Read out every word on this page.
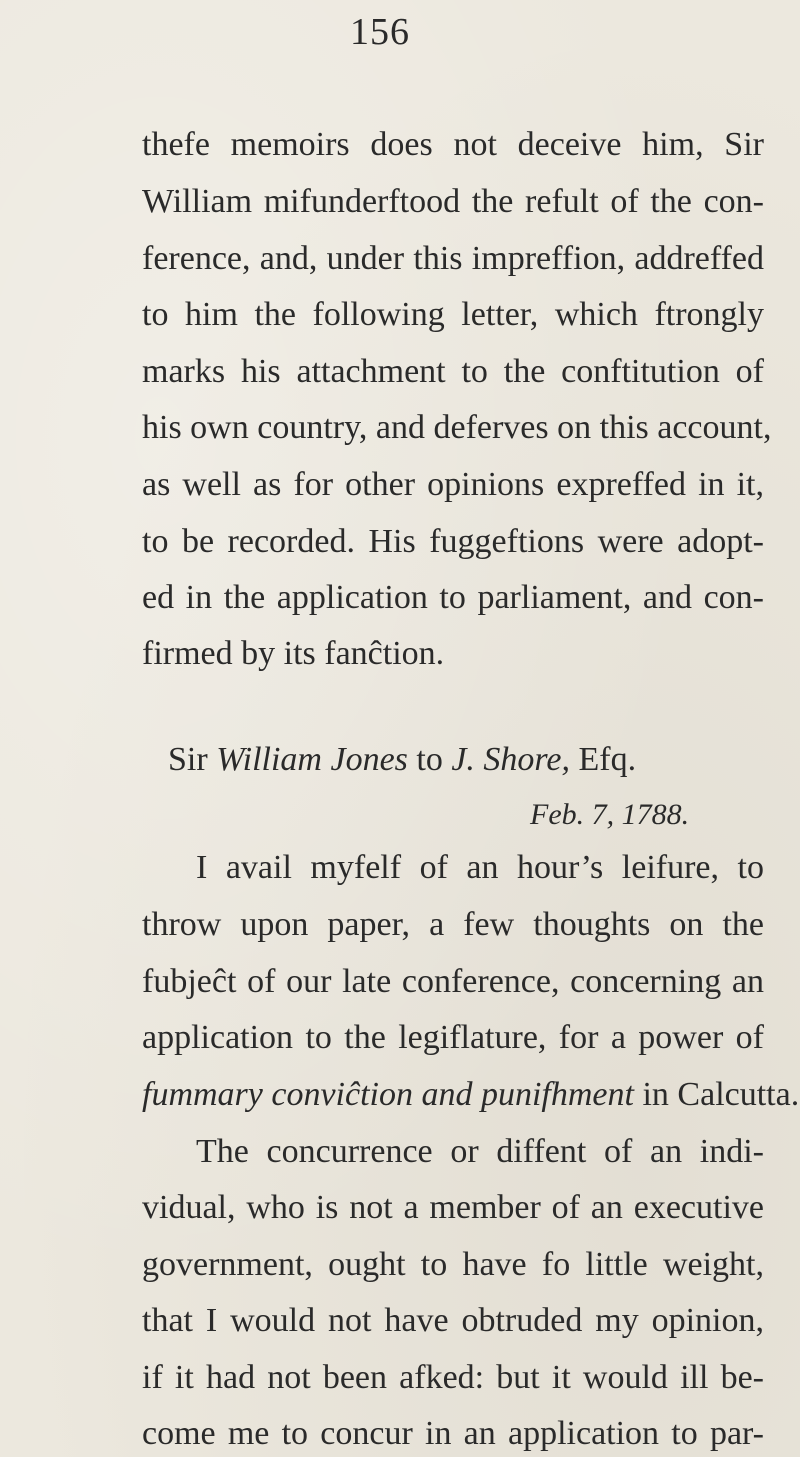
156
thefe memoirs does not deceive him, Sir
William mifunderftood the refult of the con-
ference, and, under this impreffion, addreffed
to him the following letter, which ftrongly
marks his attachment to the conftitution of
his own country, and deferves on this account,
as well as for other opinions expreffed in it,
to be recorded. His fuggeftions were adopt-
ed in the application to parliament, and con-
firmed by its fanĉtion.
Sir William Jones to J. Shore, Efq.
Feb. 7, 1788.
I avail myfelf of an hour’s leifure, to
throw upon paper, a few thoughts on the
fubjeĉt of our late conference, concerning an
application to the legiflature, for a power of
fummary conviĉtion and punifhment in Calcutta.
The concurrence or diffent of an indi-
vidual, who is not a member of an executive
government, ought to have fo little weight,
that I would not have obtruded my opinion,
if it had not been afked: but it would ill be-
come me to concur in an application to par-
